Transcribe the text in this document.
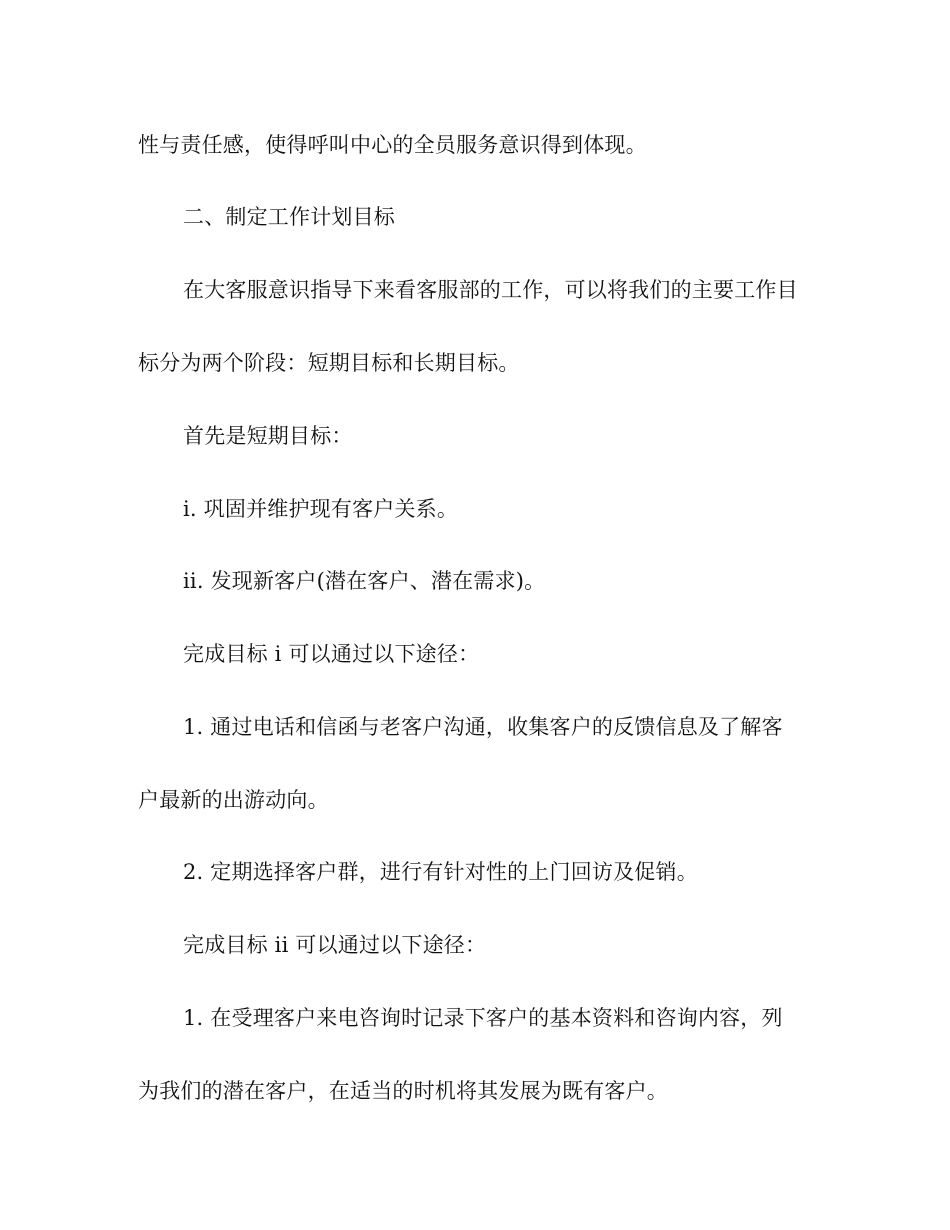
性与责任感，使得呼叫中心的全员服务意识得到体现。
二、制定工作计划目标
在大客服意识指导下来看客服部的工作，可以将我们的主要工作目
标分为两个阶段：短期目标和长期目标。
首先是短期目标：
i. 巩固并维护现有客户关系。
ii. 发现新客户(潜在客户、潜在需求)。
完成目标 i 可以通过以下途径：
1. 通过电话和信函与老客户沟通，收集客户的反馈信息及了解客
户最新的出游动向。
2. 定期选择客户群，进行有针对性的上门回访及促销。
完成目标 ii 可以通过以下途径：
1. 在受理客户来电咨询时记录下客户的基本资料和咨询内容，列
为我们的潜在客户，在适当的时机将其发展为既有客户。
